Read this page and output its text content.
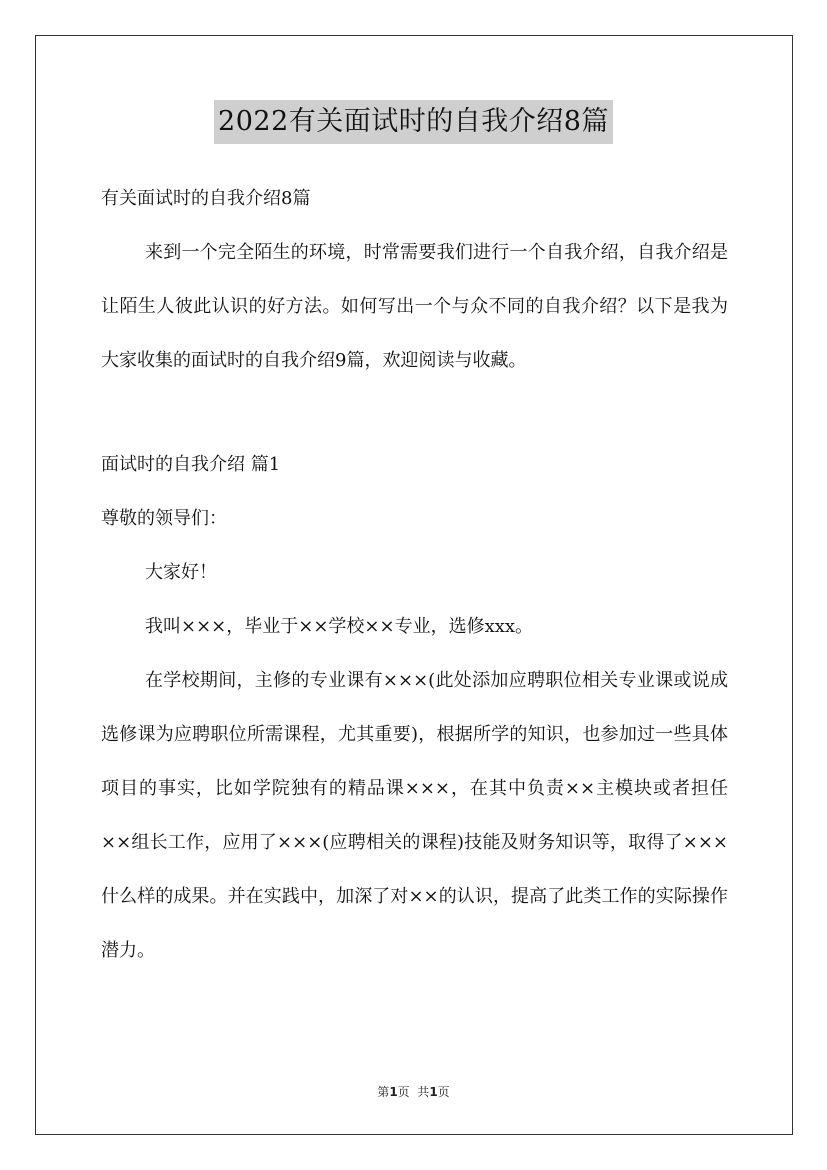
2022有关面试时的自我介绍8篇

有关面试时的自我介绍8篇

来到一个完全陌生的环境，时常需要我们进行一个自我介绍，自我介绍是让陌生人彼此认识的好方法。如何写出一个与众不同的自我介绍？以下是我为大家收集的面试时的自我介绍9篇，欢迎阅读与收藏。

面试时的自我介绍 篇1

尊敬的领导们：

大家好！

我叫×××，毕业于××学校××专业，选修xxx。

在学校期间，主修的专业课有×××(此处添加应聘职位相关专业课或说成选修课为应聘职位所需课程，尤其重要)，根据所学的知识，也参加过一些具体项目的事实，比如学院独有的精品课×××，在其中负责××主模块或者担任××组长工作，应用了×××(应聘相关的课程)技能及财务知识等，取得了×××什么样的成果。并在实践中，加深了对××的认识，提高了此类工作的实际操作潜力。

第1页  共1页
